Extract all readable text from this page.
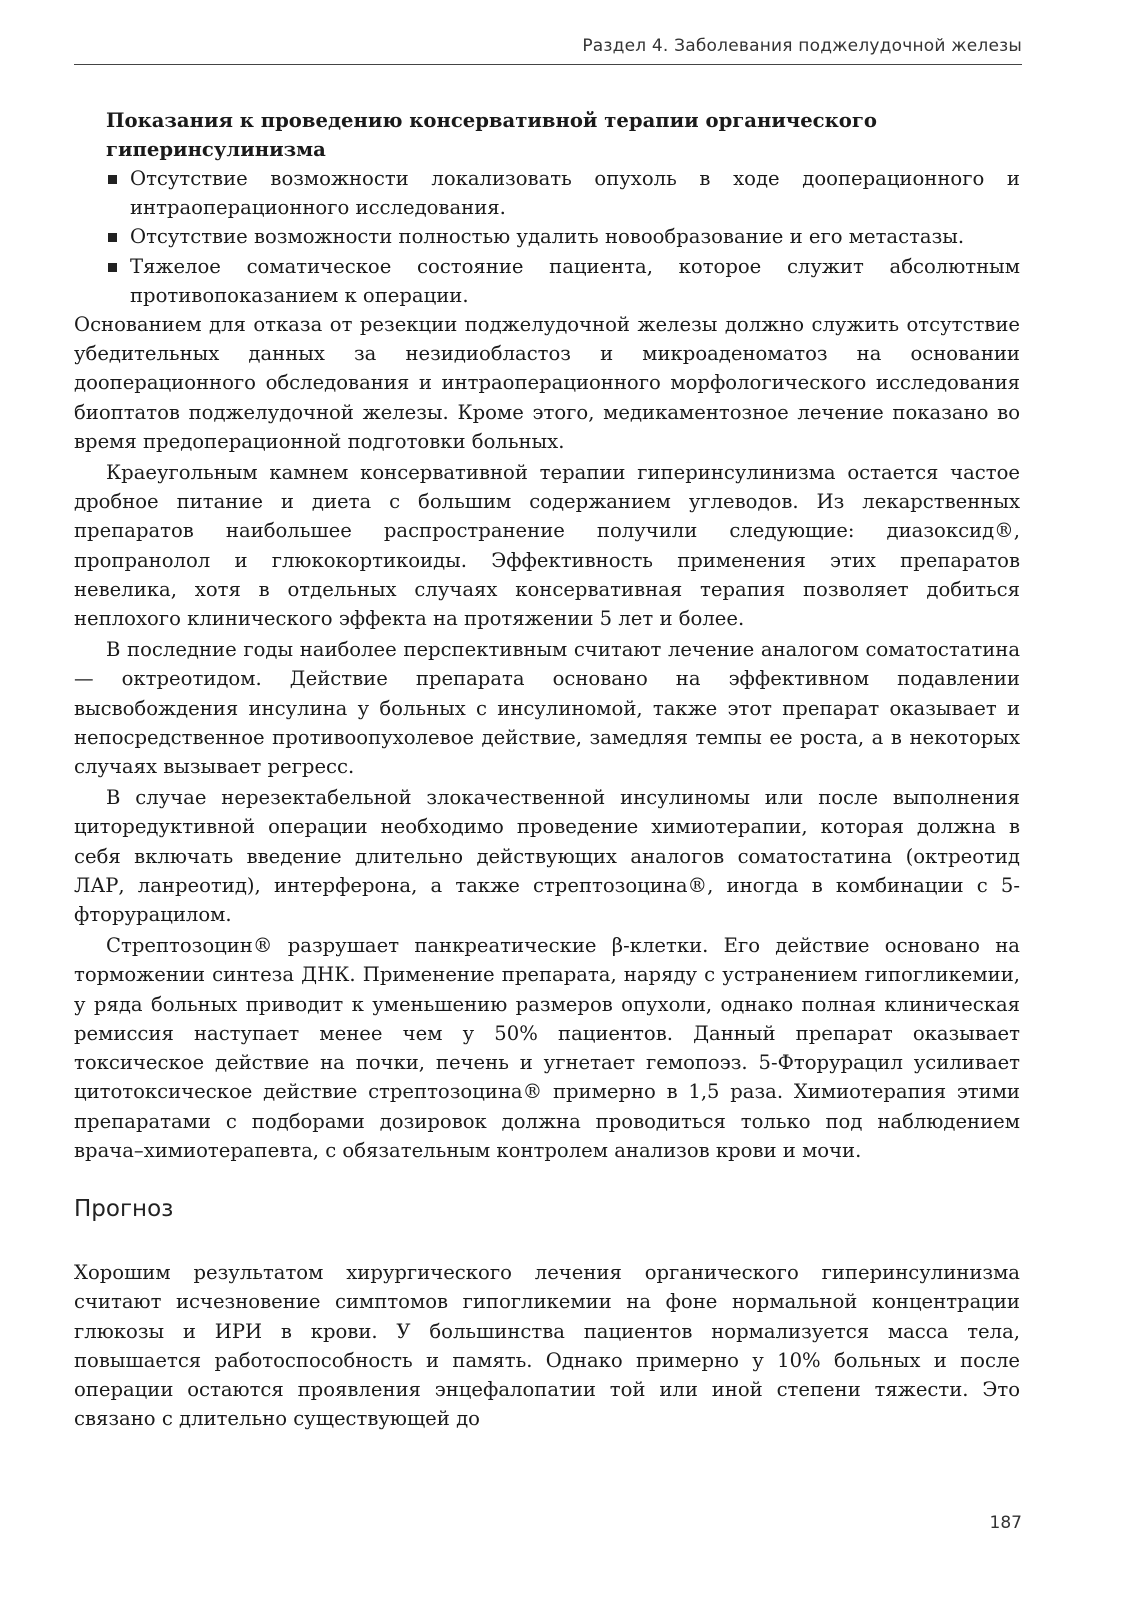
Раздел 4. Заболевания поджелудочной железы
Показания к проведению консервативной терапии органического гиперинсулинизма
Отсутствие возможности локализовать опухоль в ходе дооперационного и интраоперационного исследования.
Отсутствие возможности полностью удалить новообразование и его метастазы.
Тяжелое соматическое состояние пациента, которое служит абсолютным противопоказанием к операции.

Основанием для отказа от резекции поджелудочной железы должно служить отсутствие убедительных данных за незидиобластоз и микроаденоматоз на основании дооперационного обследования и интраоперационного морфологического исследования биоптатов поджелудочной железы. Кроме этого, медикаментозное лечение показано во время предоперационной подготовки больных.

Краеугольным камнем консервативной терапии гиперинсулинизма остается частое дробное питание и диета с большим содержанием углеводов. Из лекарственных препаратов наибольшее распространение получили следующие: диазоксид®, пропранолол и глюкокортикоиды. Эффективность применения этих препаратов невелика, хотя в отдельных случаях консервативная терапия позволяет добиться неплохого клинического эффекта на протяжении 5 лет и более.

В последние годы наиболее перспективным считают лечение аналогом соматостатина — октреотидом. Действие препарата основано на эффективном подавлении высвобождения инсулина у больных с инсулиномой, также этот препарат оказывает и непосредственное противоопухолевое действие, замедляя темпы ее роста, а в некоторых случаях вызывает регресс.

В случае нерезектабельной злокачественной инсулиномы или после выполнения циторедуктивной операции необходимо проведение химиотерапии, которая должна в себя включать введение длительно действующих аналогов соматостатина (октреотид ЛАР, ланреотид), интерферона, а также стрептозоцина®, иногда в комбинации с 5-фторурацилом.

Стрептозоцин® разрушает панкреатические β-клетки. Его действие основано на торможении синтеза ДНК. Применение препарата, наряду с устранением гипогликемии, у ряда больных приводит к уменьшению размеров опухоли, однако полная клиническая ремиссия наступает менее чем у 50% пациентов. Данный препарат оказывает токсическое действие на почки, печень и угнетает гемопоэз. 5-Фторурацил усиливает цитотоксическое действие стрептозоцина® примерно в 1,5 раза. Химиотерапия этими препаратами с подборами дозировок должна проводиться только под наблюдением врача–химиотерапевта, с обязательным контролем анализов крови и мочи.

Прогноз

Хорошим результатом хирургического лечения органического гиперинсулинизма считают исчезновение симптомов гипогликемии на фоне нормальной концентрации глюкозы и ИРИ в крови. У большинства пациентов нормализуется масса тела, повышается работоспособность и память. Однако примерно у 10% больных и после операции остаются проявления энцефалопатии той или иной степени тяжести. Это связано с длительно существующей до

187
